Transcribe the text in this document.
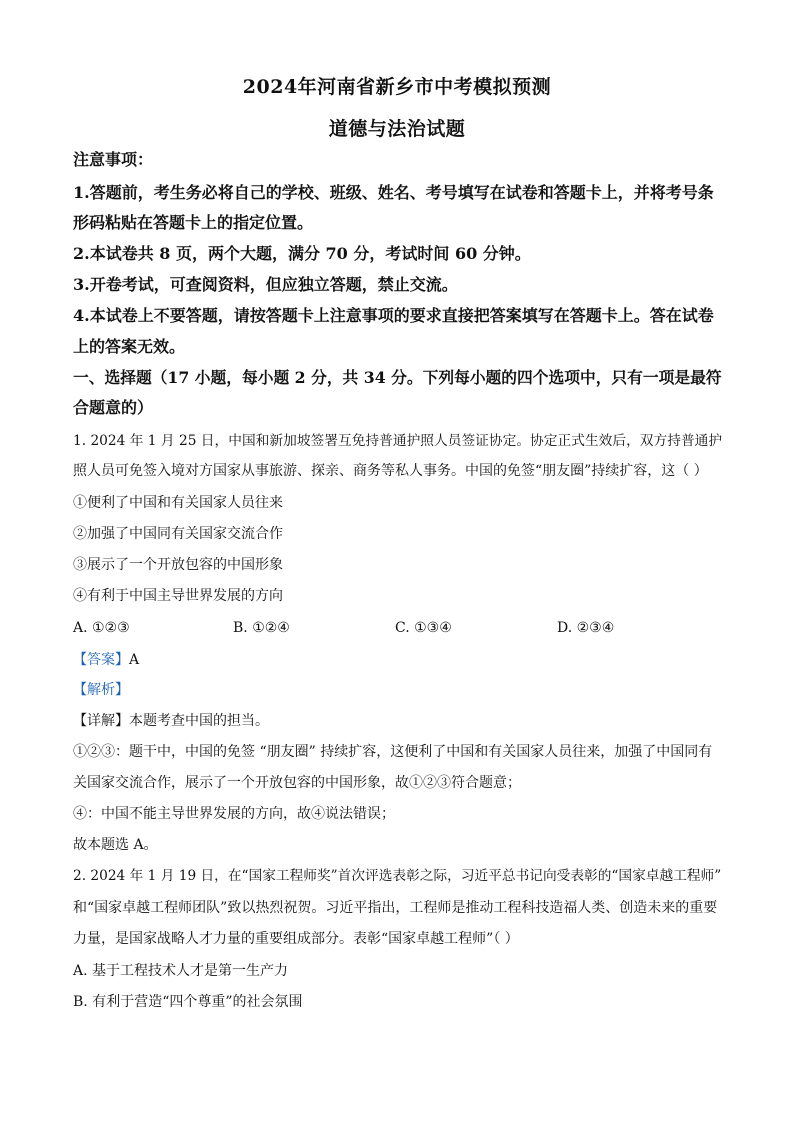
2024年河南省新乡市中考模拟预测
道德与法治试题
注意事项：
1.答题前，考生务必将自己的学校、班级、姓名、考号填写在试卷和答题卡上，并将考号条
形码粘贴在答题卡上的指定位置。
2.本试卷共 8 页，两个大题，满分 70 分，考试时间 60 分钟。
3.开卷考试，可查阅资料，但应独立答题，禁止交流。
4.本试卷上不要答题，请按答题卡上注意事项的要求直接把答案填写在答题卡上。答在试卷
上的答案无效。
一、选择题（17 小题，每小题 2 分，共 34 分。下列每小题的四个选项中，只有一项是最符
合题意的）
1. 2024 年 1 月 25 日，中国和新加坡签署互免持普通护照人员签证协定。协定正式生效后，双方持普通护
照人员可免签入境对方国家从事旅游、探亲、商务等私人事务。中国的免签“朋友圈”持续扩容，这（ ）
①便利了中国和有关国家人员往来
②加强了中国同有关国家交流合作
③展示了一个开放包容的中国形象
④有利于中国主导世界发展的方向
A. ①②③	B. ①②④	C. ①③④	D. ②③④
【答案】A
【解析】
【详解】本题考查中国的担当。
①②③：题干中，中国的免签 “朋友圈” 持续扩容，这便利了中国和有关国家人员往来，加强了中国同有
关国家交流合作，展示了一个开放包容的中国形象，故①②③符合题意；
④：中国不能主导世界发展的方向，故④说法错误；
故本题选 A。
2. 2024 年 1 月 19 日，在“国家工程师奖”首次评选表彰之际，习近平总书记向受表彰的“国家卓越工程师”
和“国家卓越工程师团队”致以热烈祝贺。习近平指出，工程师是推动工程科技造福人类、创造未来的重要
力量，是国家战略人才力量的重要组成部分。表彰“国家卓越工程师”（ ）
A. 基于工程技术人才是第一生产力
B. 有利于营造“四个尊重”的社会氛围
